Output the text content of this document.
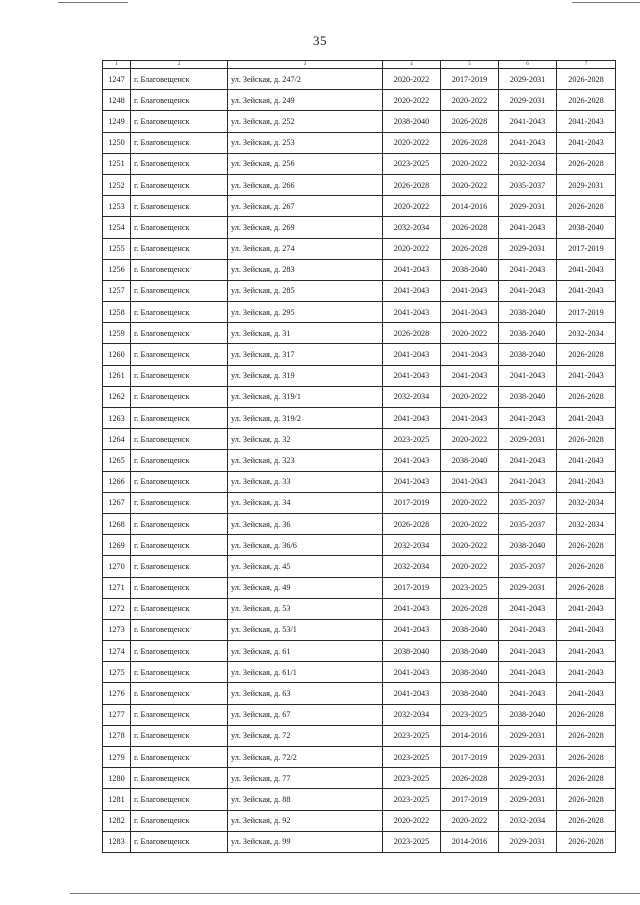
35
1	2	3	4	5	6	7
1247	г. Благовещенск	ул. Зейская, д. 247/2	2020-2022	2017-2019	2029-2031	2026-2028
1248	г. Благовещенск	ул. Зейская, д. 249	2020-2022	2020-2022	2029-2031	2026-2028
1249	г. Благовещенск	ул. Зейская, д. 252	2038-2040	2026-2028	2041-2043	2041-2043
1250	г. Благовещенск	ул. Зейская, д. 253	2020-2022	2026-2028	2041-2043	2041-2043
1251	г. Благовещенск	ул. Зейская, д. 256	2023-2025	2020-2022	2032-2034	2026-2028
1252	г. Благовещенск	ул. Зейская, д. 266	2026-2028	2020-2022	2035-2037	2029-2031
1253	г. Благовещенск	ул. Зейская, д. 267	2020-2022	2014-2016	2029-2031	2026-2028
1254	г. Благовещенск	ул. Зейская, д. 269	2032-2034	2026-2028	2041-2043	2038-2040
1255	г. Благовещенск	ул. Зейская, д. 274	2020-2022	2026-2028	2029-2031	2017-2019
1256	г. Благовещенск	ул. Зейская, д. 283	2041-2043	2038-2040	2041-2043	2041-2043
1257	г. Благовещенск	ул. Зейская, д. 285	2041-2043	2041-2043	2041-2043	2041-2043
1258	г. Благовещенск	ул. Зейская, д. 295	2041-2043	2041-2043	2038-2040	2017-2019
1259	г. Благовещенск	ул. Зейская, д. 31	2026-2028	2020-2022	2038-2040	2032-2034
1260	г. Благовещенск	ул. Зейская, д. 317	2041-2043	2041-2043	2038-2040	2026-2028
1261	г. Благовещенск	ул. Зейская, д. 319	2041-2043	2041-2043	2041-2043	2041-2043
1262	г. Благовещенск	ул. Зейская, д. 319/1	2032-2034	2020-2022	2038-2040	2026-2028
1263	г. Благовещенск	ул. Зейская, д. 319/2	2041-2043	2041-2043	2041-2043	2041-2043
1264	г. Благовещенск	ул. Зейская, д. 32	2023-2025	2020-2022	2029-2031	2026-2028
1265	г. Благовещенск	ул. Зейская, д. 323	2041-2043	2038-2040	2041-2043	2041-2043
1266	г. Благовещенск	ул. Зейская, д. 33	2041-2043	2041-2043	2041-2043	2041-2043
1267	г. Благовещенск	ул. Зейская, д. 34	2017-2019	2020-2022	2035-2037	2032-2034
1268	г. Благовещенск	ул. Зейская, д. 36	2026-2028	2020-2022	2035-2037	2032-2034
1269	г. Благовещенск	ул. Зейская, д. 36/6	2032-2034	2020-2022	2038-2040	2026-2028
1270	г. Благовещенск	ул. Зейская, д. 45	2032-2034	2020-2022	2035-2037	2026-2028
1271	г. Благовещенск	ул. Зейская, д. 49	2017-2019	2023-2025	2029-2031	2026-2028
1272	г. Благовещенск	ул. Зейская, д. 53	2041-2043	2026-2028	2041-2043	2041-2043
1273	г. Благовещенск	ул. Зейская, д. 53/1	2041-2043	2038-2040	2041-2043	2041-2043
1274	г. Благовещенск	ул. Зейская, д. 61	2038-2040	2038-2040	2041-2043	2041-2043
1275	г. Благовещенск	ул. Зейская, д. 61/1	2041-2043	2038-2040	2041-2043	2041-2043
1276	г. Благовещенск	ул. Зейская, д. 63	2041-2043	2038-2040	2041-2043	2041-2043
1277	г. Благовещенск	ул. Зейская, д. 67	2032-2034	2023-2025	2038-2040	2026-2028
1278	г. Благовещенск	ул. Зейская, д. 72	2023-2025	2014-2016	2029-2031	2026-2028
1279	г. Благовещенск	ул. Зейская, д. 72/2	2023-2025	2017-2019	2029-2031	2026-2028
1280	г. Благовещенск	ул. Зейская, д. 77	2023-2025	2026-2028	2029-2031	2026-2028
1281	г. Благовещенск	ул. Зейская, д. 88	2023-2025	2017-2019	2029-2031	2026-2028
1282	г. Благовещенск	ул. Зейская, д. 92	2020-2022	2020-2022	2032-2034	2026-2028
1283	г. Благовещенск	ул. Зейская, д. 99	2023-2025	2014-2016	2029-2031	2026-2028
